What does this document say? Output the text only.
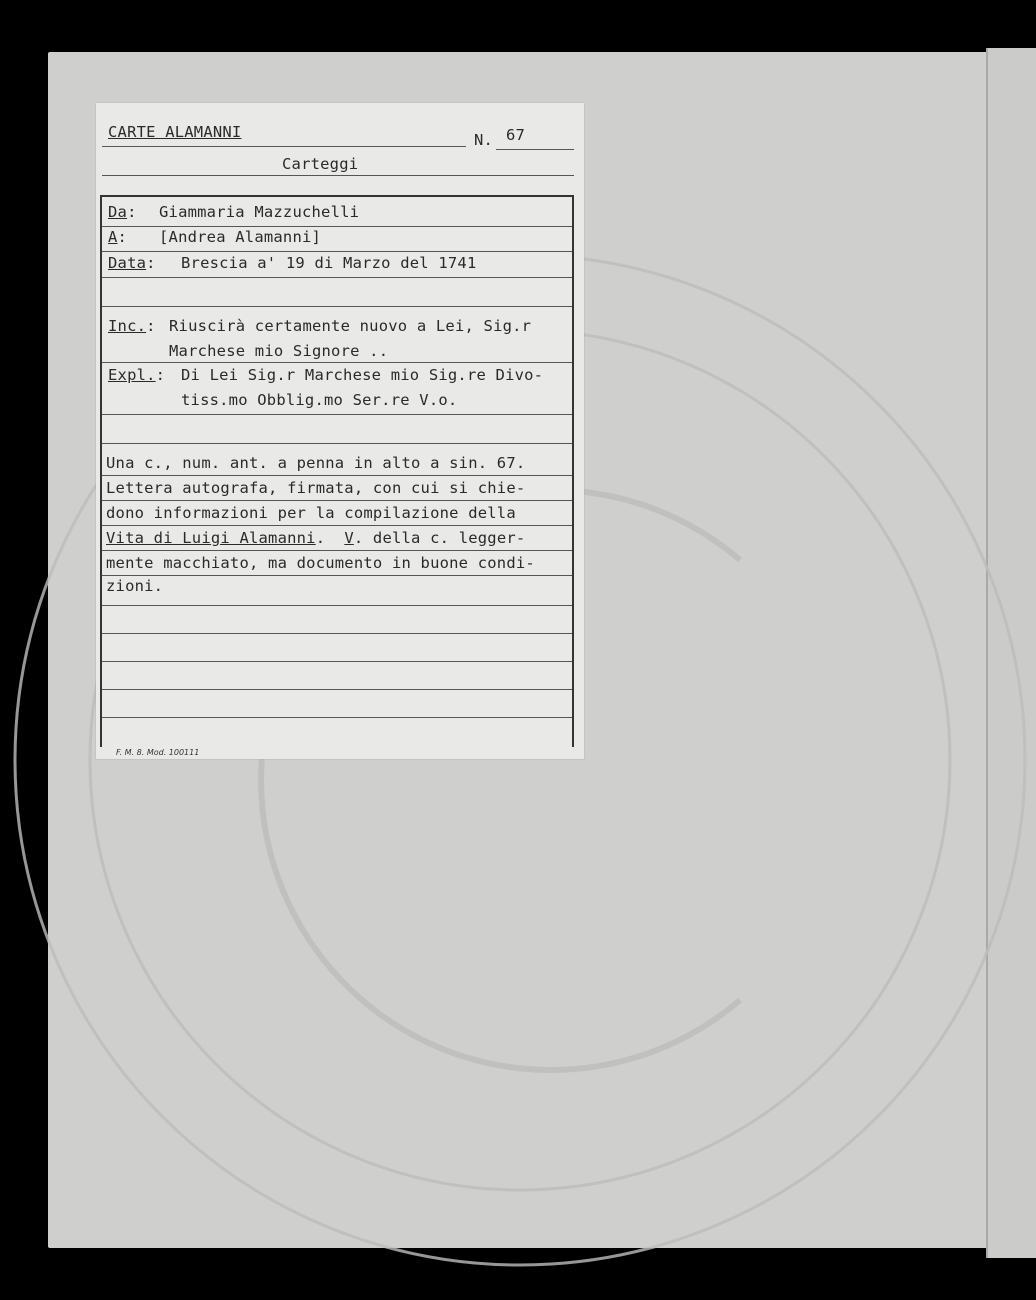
CARTE ALAMANNI	N. 67
Carteggi
Da: Giammaria Mazzuchelli
A: [Andrea Alamanni]
Data: Brescia a' 19 di Marzo del 1741
Inc.: Riuscirà certamente nuovo a Lei, Sig.r
Marchese mio Signore ..
Expl.: Di Lei Sig.r Marchese mio Sig.re Divo-
tiss.mo Obblig.mo Ser.re V.o.
Una c., num. ant. a penna in alto a sin. 67.
Lettera autografa, firmata, con cui si chie-
dono informazioni per la compilazione della
Vita di Luigi Alamanni.  V. della c. legger-
mente macchiato, ma documento in buone condi-
zioni.
F. M. 8. Mod. 100111
